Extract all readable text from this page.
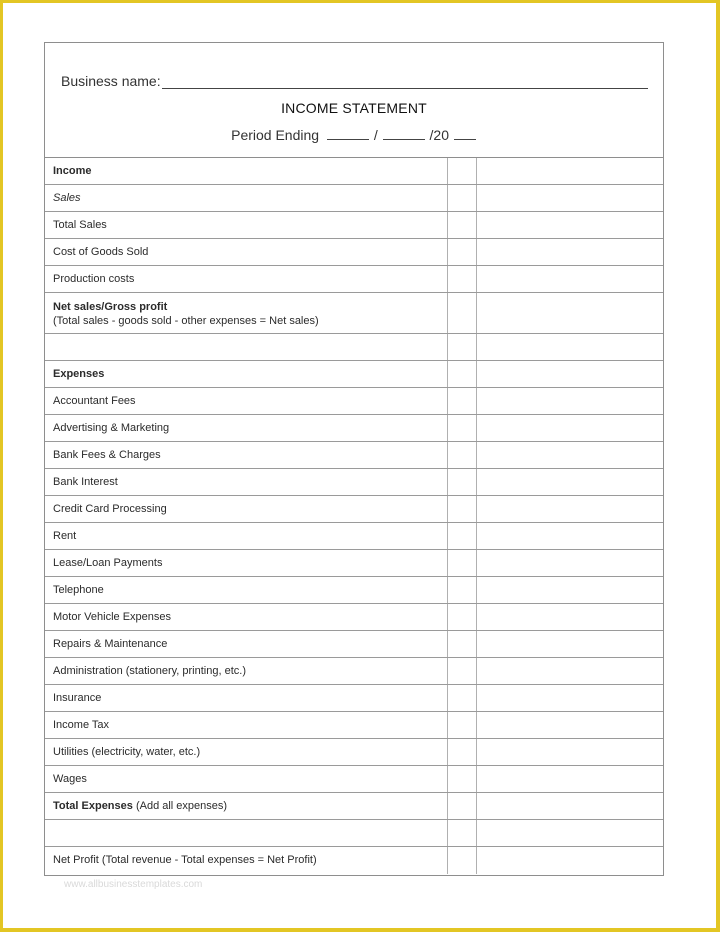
Business name:
INCOME STATEMENT
Period Ending	/	/20
Income
Sales
Total Sales
Cost of Goods Sold
Production costs
Net sales/Gross profit
(Total sales - goods sold - other expenses = Net sales)
Expenses
Accountant Fees
Advertising & Marketing
Bank Fees & Charges
Bank Interest
Credit Card Processing
Rent
Lease/Loan Payments
Telephone
Motor Vehicle Expenses
Repairs & Maintenance
Administration (stationery, printing, etc.)
Insurance
Income Tax
Utilities (electricity, water, etc.)
Wages
Total Expenses (Add all expenses)
Net Profit (Total revenue - Total expenses = Net Profit)
www.allbusinesstemplates.com
